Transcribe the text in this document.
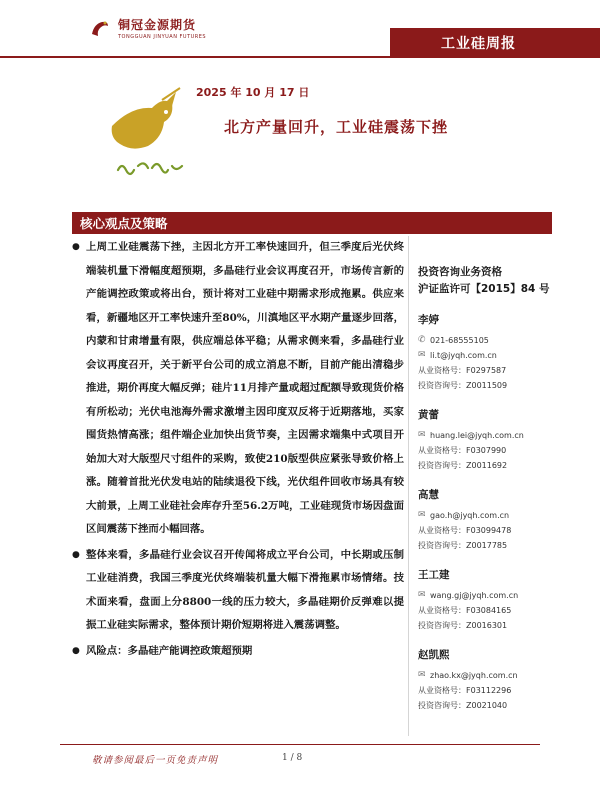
铜冠金源期货
TONGGUAN JINYUAN FUTURES	工业硅周报
铜冠金源	2025 年 10 月 17 日
北方产量回升，工业硅震荡下挫
核心观点及策略
● 上周工业硅震荡下挫，主因北方开工率快速回升，但三季度后光伏终端装机量下滑幅度超预期，多晶硅行业会议再度召开，市场传言新的产能调控政策或将出台，预计将对工业硅中期需求形成拖累。供应来看，新疆地区开工率快速升至80%，川滇地区平水期产量逐步回落，内蒙和甘肃增量有限，供应端总体平稳；从需求侧来看，多晶硅行业会议再度召开，关于新平台公司的成立消息不断，目前产能出清稳步推进，期价再度大幅反弹；硅片11月排产量或超过配额导致现货价格有所松动；光伏电池海外需求激增主因印度双反将于近期落地，买家囤货热情高涨；组件端企业加快出货节奏，主因需求端集中式项目开始加大对大版型尺寸组件的采购，致使210版型供应紧张导致价格上涨。随着首批光伏发电站的陆续退役下线，光伏组件回收市场具有较大前景，上周工业硅社会库存升至56.2万吨，工业硅现货市场因盘面区间震荡下挫而小幅回落。

● 整体来看，多晶硅行业会议召开传闻将成立平台公司，中长期或压制工业硅消费，我国三季度光伏终端装机量大幅下滑拖累市场情绪。技术面来看，盘面上分8800一线的压力较大，多晶硅期价反弹难以提振工业硅实际需求，整体预计期价短期将进入震荡调整。

● 风险点：多晶硅产能调控政策超预期

投资咨询业务资格
沪证监许可【2015】84 号
李婷
✆ 021-68555105
✉ li.t@jyqh.com.cn
从业资格号：F0297587
投资咨询号：Z0011509
黄蕾
✉ huang.lei@jyqh.com.cn
从业资格号：F0307990
投资咨询号：Z0011692
高慧
✉ gao.h@jyqh.com.cn
从业资格号：F03099478
投资咨询号：Z0017785
王工建
✉ wang.gj@jyqh.com.cn
从业资格号：F03084165
投资咨询号：Z0016301
赵凯熙
✉ zhao.kx@jyqh.com.cn
从业资格号：F03112296
投资咨询号：Z0021040
敬请参阅最后一页免责声明	1 / 8
